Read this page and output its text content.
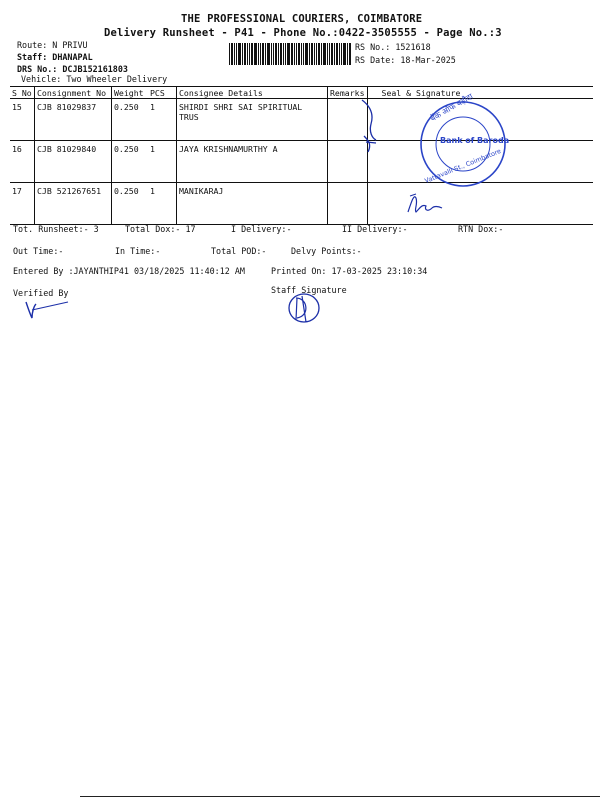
THE PROFESSIONAL COURIERS, COIMBATORE
Delivery Runsheet - P41 - Phone No.:0422-3505555 - Page No.:3
Route: N PRIVU
Staff: DHANAPAL
DRS No.: DCJB152161803
Vehicle: Two Wheeler Delivery
RS No.: 1521618
RS Date: 18-Mar-2025
S No	Consignment No	Weight	PCS	Consignee Details	Remarks	Seal & Signature
15	CJB 81029837	0.250	1	SHIRDI SHRI SAI SPIRITUAL TRUS		
16	CJB 81029840	0.250	1	JAYA KRISHNAMURTHY A		
17	CJB 521267651	0.250	1	MANIKARAJ		
बैंक ऑफ बड़ौदा
Bank of Baroda
Vattavalli St., Coimbatore
Tot. Runsheet:- 3	Total Dox:- 17	I Delivery:-	II Delivery:-	RTN Dox:-
Out Time:-	In Time:-	Total POD:-	Delvy Points:-
Entered By :JAYANTHIP41 03/18/2025 11:40:12 AM	Printed On: 17-03-2025 23:10:34
Verified By	Staff Signature
